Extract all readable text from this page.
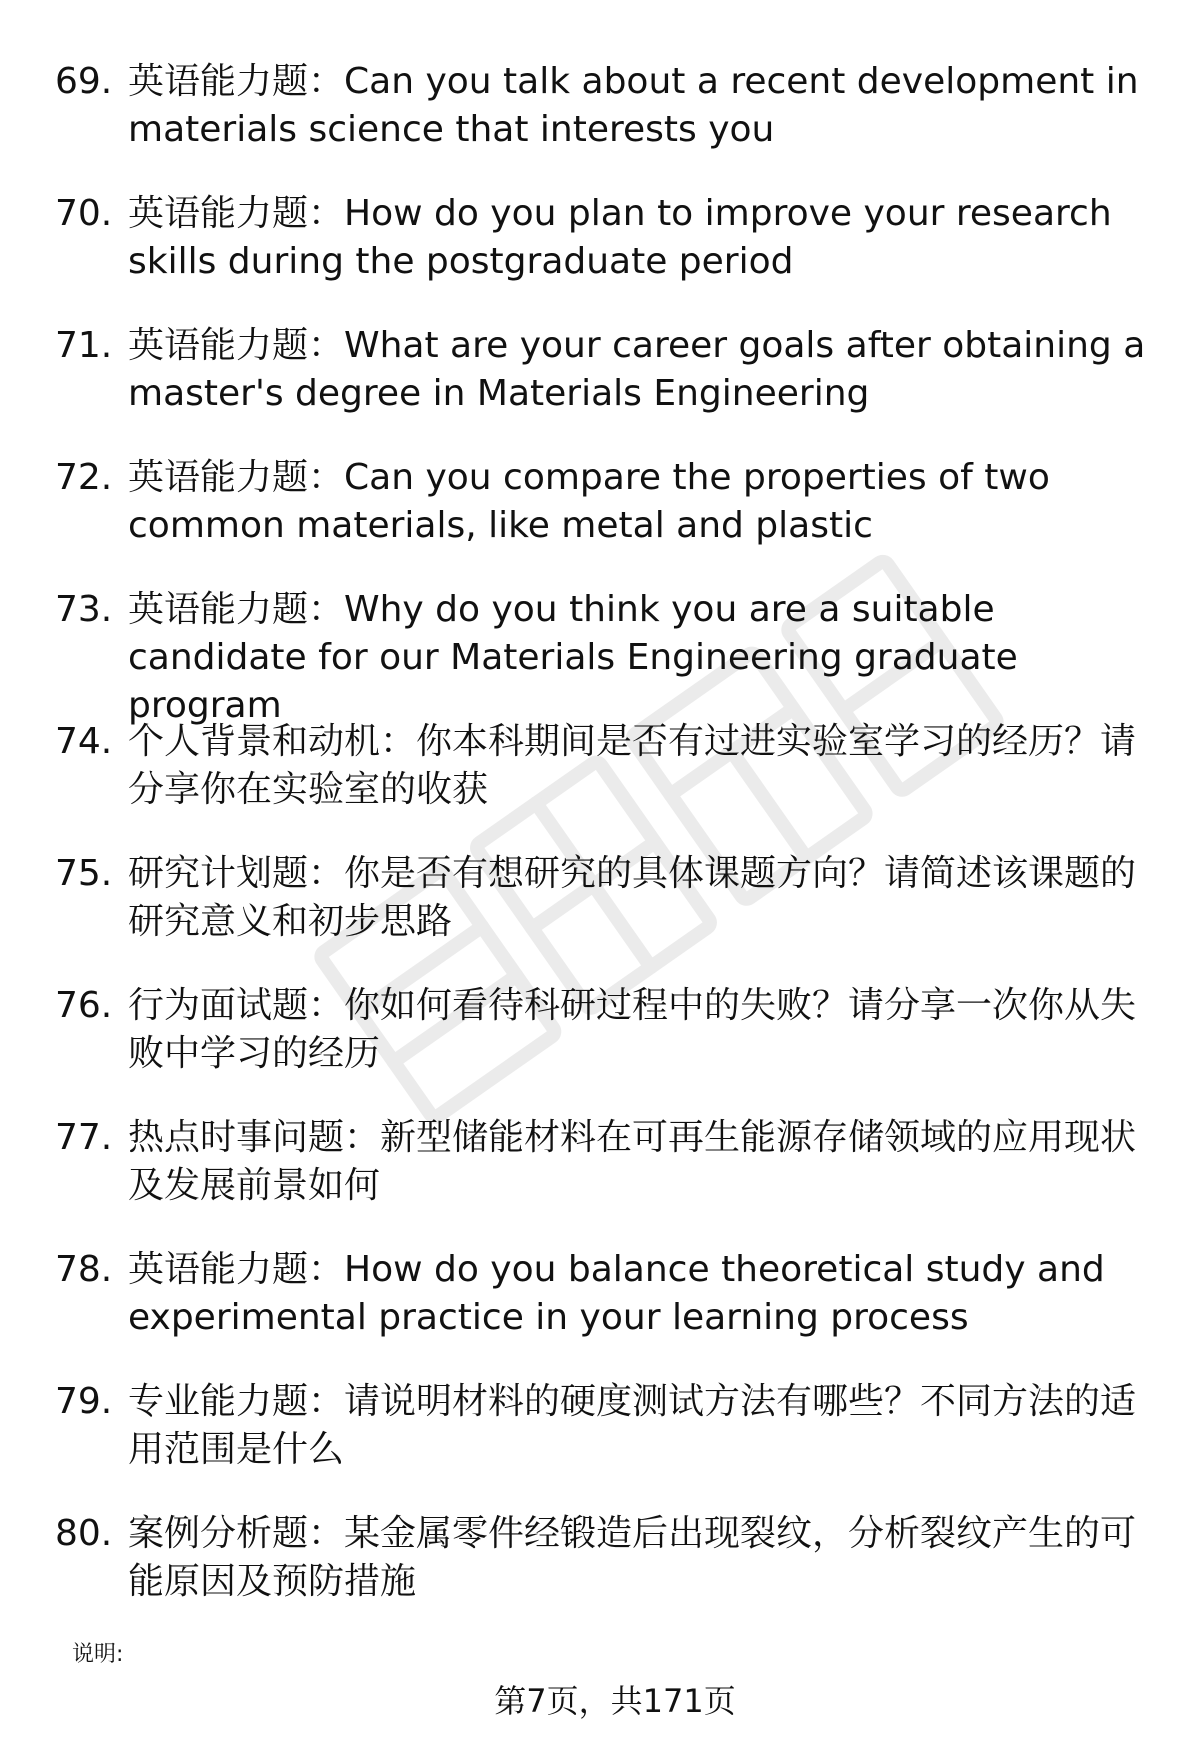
69. 英语能力题：Can you talk about a recent development in materials science that interests you
70. 英语能力题：How do you plan to improve your research skills during the postgraduate period
71. 英语能力题：What are your career goals after obtaining a master's degree in Materials Engineering
72. 英语能力题：Can you compare the properties of two common materials, like metal and plastic
73. 英语能力题：Why do you think you are a suitable candidate for our Materials Engineering graduate program
74. 个人背景和动机：你本科期间是否有过进实验室学习的经历？请分享你在实验室的收获
75. 研究计划题：你是否有想研究的具体课题方向？请简述该课题的研究意义和初步思路
76. 行为面试题：你如何看待科研过程中的失败？请分享一次你从失败中学习的经历
77. 热点时事问题：新型储能材料在可再生能源存储领域的应用现状及发展前景如何
78. 英语能力题：How do you balance theoretical study and experimental practice in your learning process
79. 专业能力题：请说明材料的硬度测试方法有哪些？不同方法的适用范围是什么
80. 案例分析题：某金属零件经锻造后出现裂纹，分析裂纹产生的可能原因及预防措施
说明:
第7页，共171页
